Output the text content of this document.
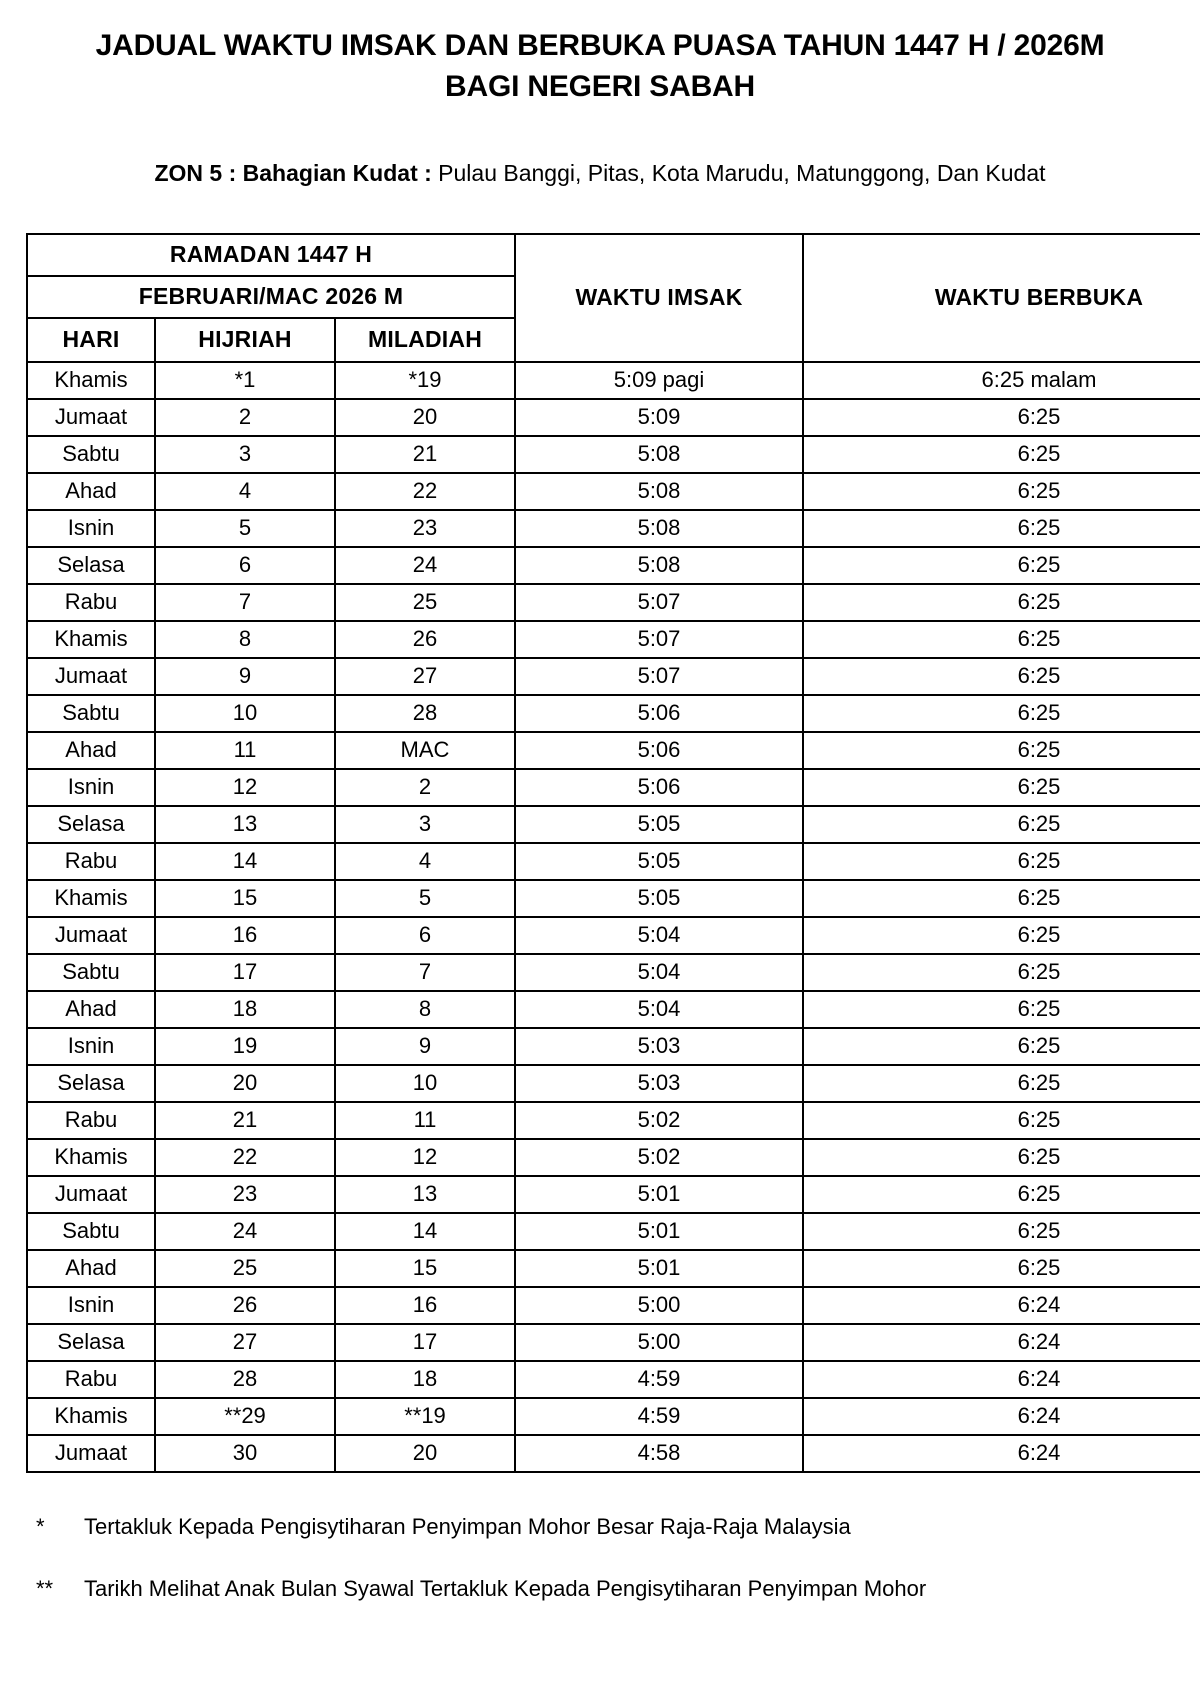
JADUAL WAKTU IMSAK DAN BERBUKA PUASA TAHUN 1447 H / 2026M
BAGI NEGERI SABAH
ZON 5 : Bahagian Kudat : Pulau Banggi, Pitas, Kota Marudu, Matunggong, Dan Kudat
RAMADAN 1447 H			WAKTU IMSAK	WAKTU BERBUKA
FEBRUARI/MAC 2026 M				
HARI	HIJRIAH	MILADIAH		
Khamis	*1	*19	5:09 pagi	6:25 malam
Jumaat	2	20	5:09	6:25
Sabtu	3	21	5:08	6:25
Ahad	4	22	5:08	6:25
Isnin	5	23	5:08	6:25
Selasa	6	24	5:08	6:25
Rabu	7	25	5:07	6:25
Khamis	8	26	5:07	6:25
Jumaat	9	27	5:07	6:25
Sabtu	10	28	5:06	6:25
Ahad	11	MAC	5:06	6:25
Isnin	12	2	5:06	6:25
Selasa	13	3	5:05	6:25
Rabu	14	4	5:05	6:25
Khamis	15	5	5:05	6:25
Jumaat	16	6	5:04	6:25
Sabtu	17	7	5:04	6:25
Ahad	18	8	5:04	6:25
Isnin	19	9	5:03	6:25
Selasa	20	10	5:03	6:25
Rabu	21	11	5:02	6:25
Khamis	22	12	5:02	6:25
Jumaat	23	13	5:01	6:25
Sabtu	24	14	5:01	6:25
Ahad	25	15	5:01	6:25
Isnin	26	16	5:00	6:24
Selasa	27	17	5:00	6:24
Rabu	28	18	4:59	6:24
Khamis	**29	**19	4:59	6:24
Jumaat	30	20	4:58	6:24
*	Tertakluk Kepada Pengisytiharan Penyimpan Mohor Besar Raja-Raja Malaysia
**	Tarikh Melihat Anak Bulan Syawal Tertakluk Kepada Pengisytiharan Penyimpan Mohor
